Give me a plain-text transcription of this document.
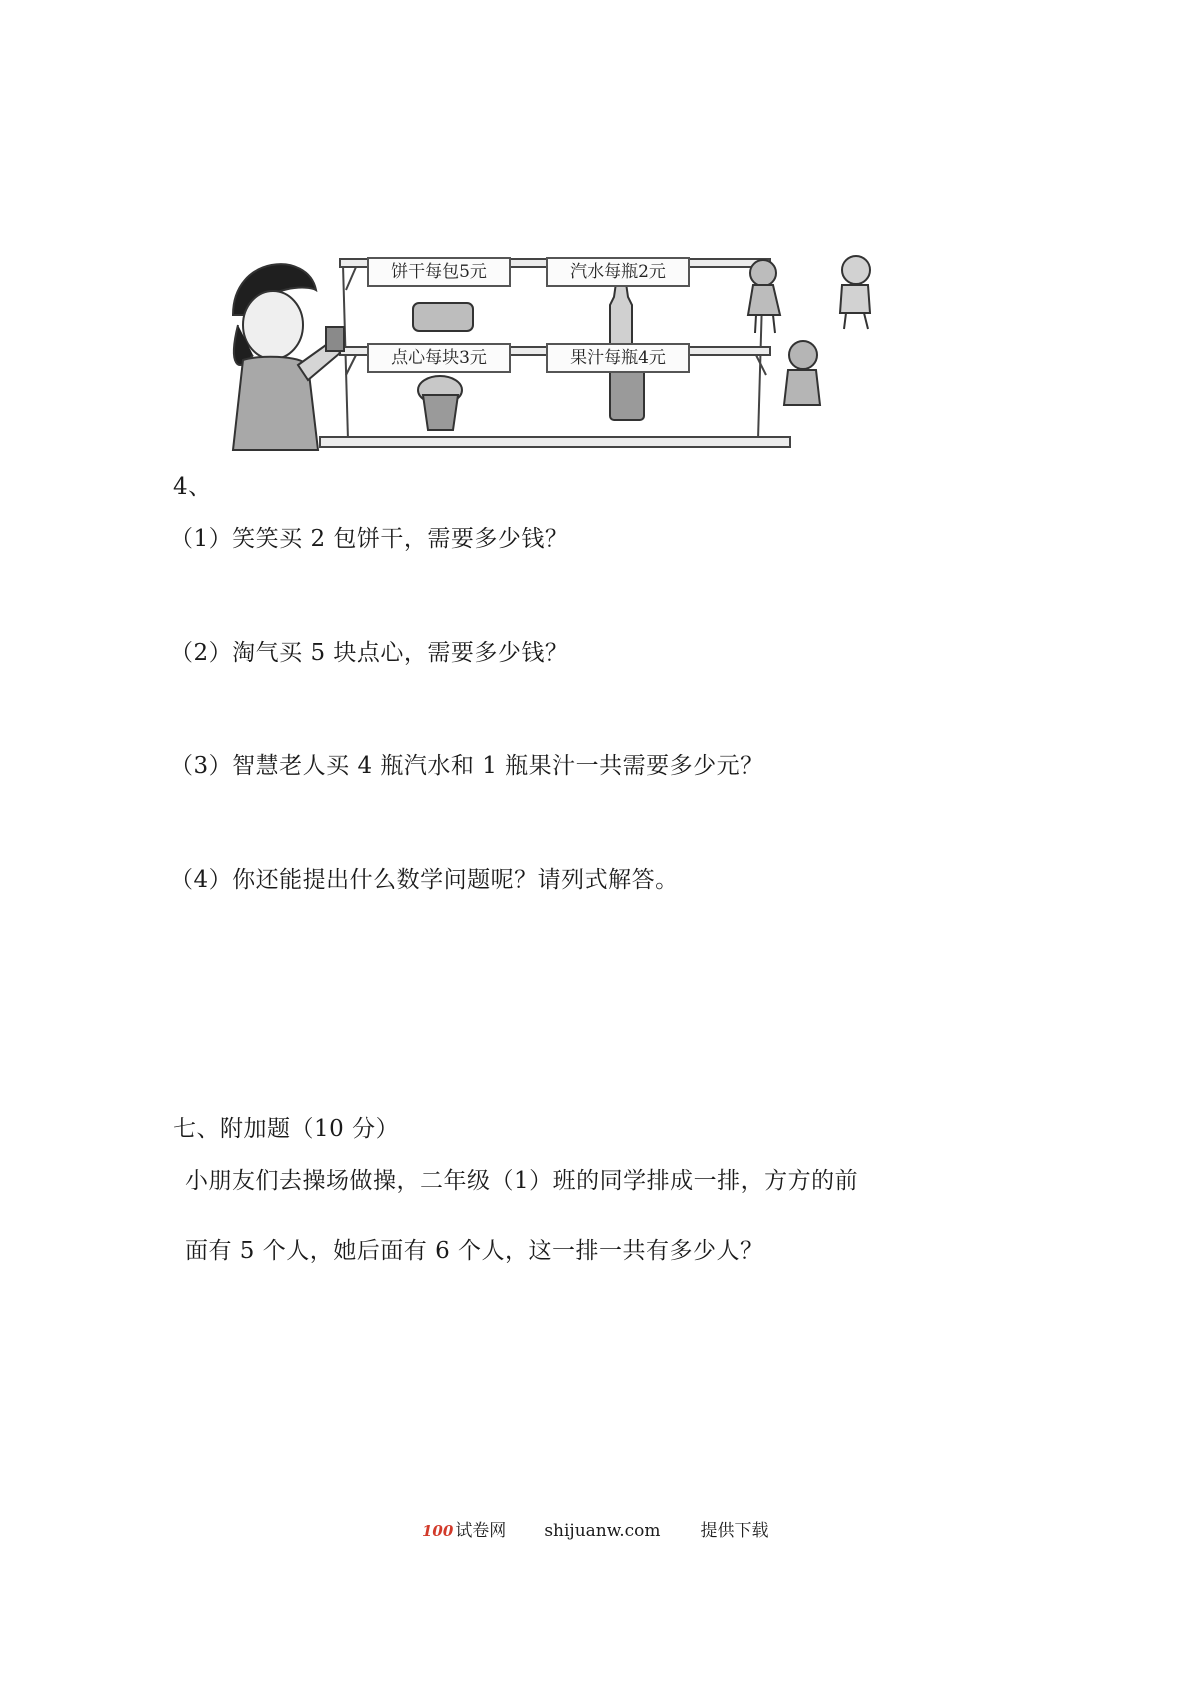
饼干每包5元	汽水每瓶2元
点心每块3元	果汁每瓶4元
4、
（1）笑笑买 2 包饼干，需要多少钱？
（2）淘气买 5 块点心，需要多少钱？
（3）智慧老人买 4 瓶汽水和 1 瓶果汁一共需要多少元？
（4）你还能提出什么数学问题呢？请列式解答。
七、附加题（10 分）
小朋友们去操场做操，二年级（1）班的同学排成一排，方方的前
面有 5 个人，她后面有 6 个人，这一排一共有多少人？
100 试卷网 shijuanw.com 提供下载
